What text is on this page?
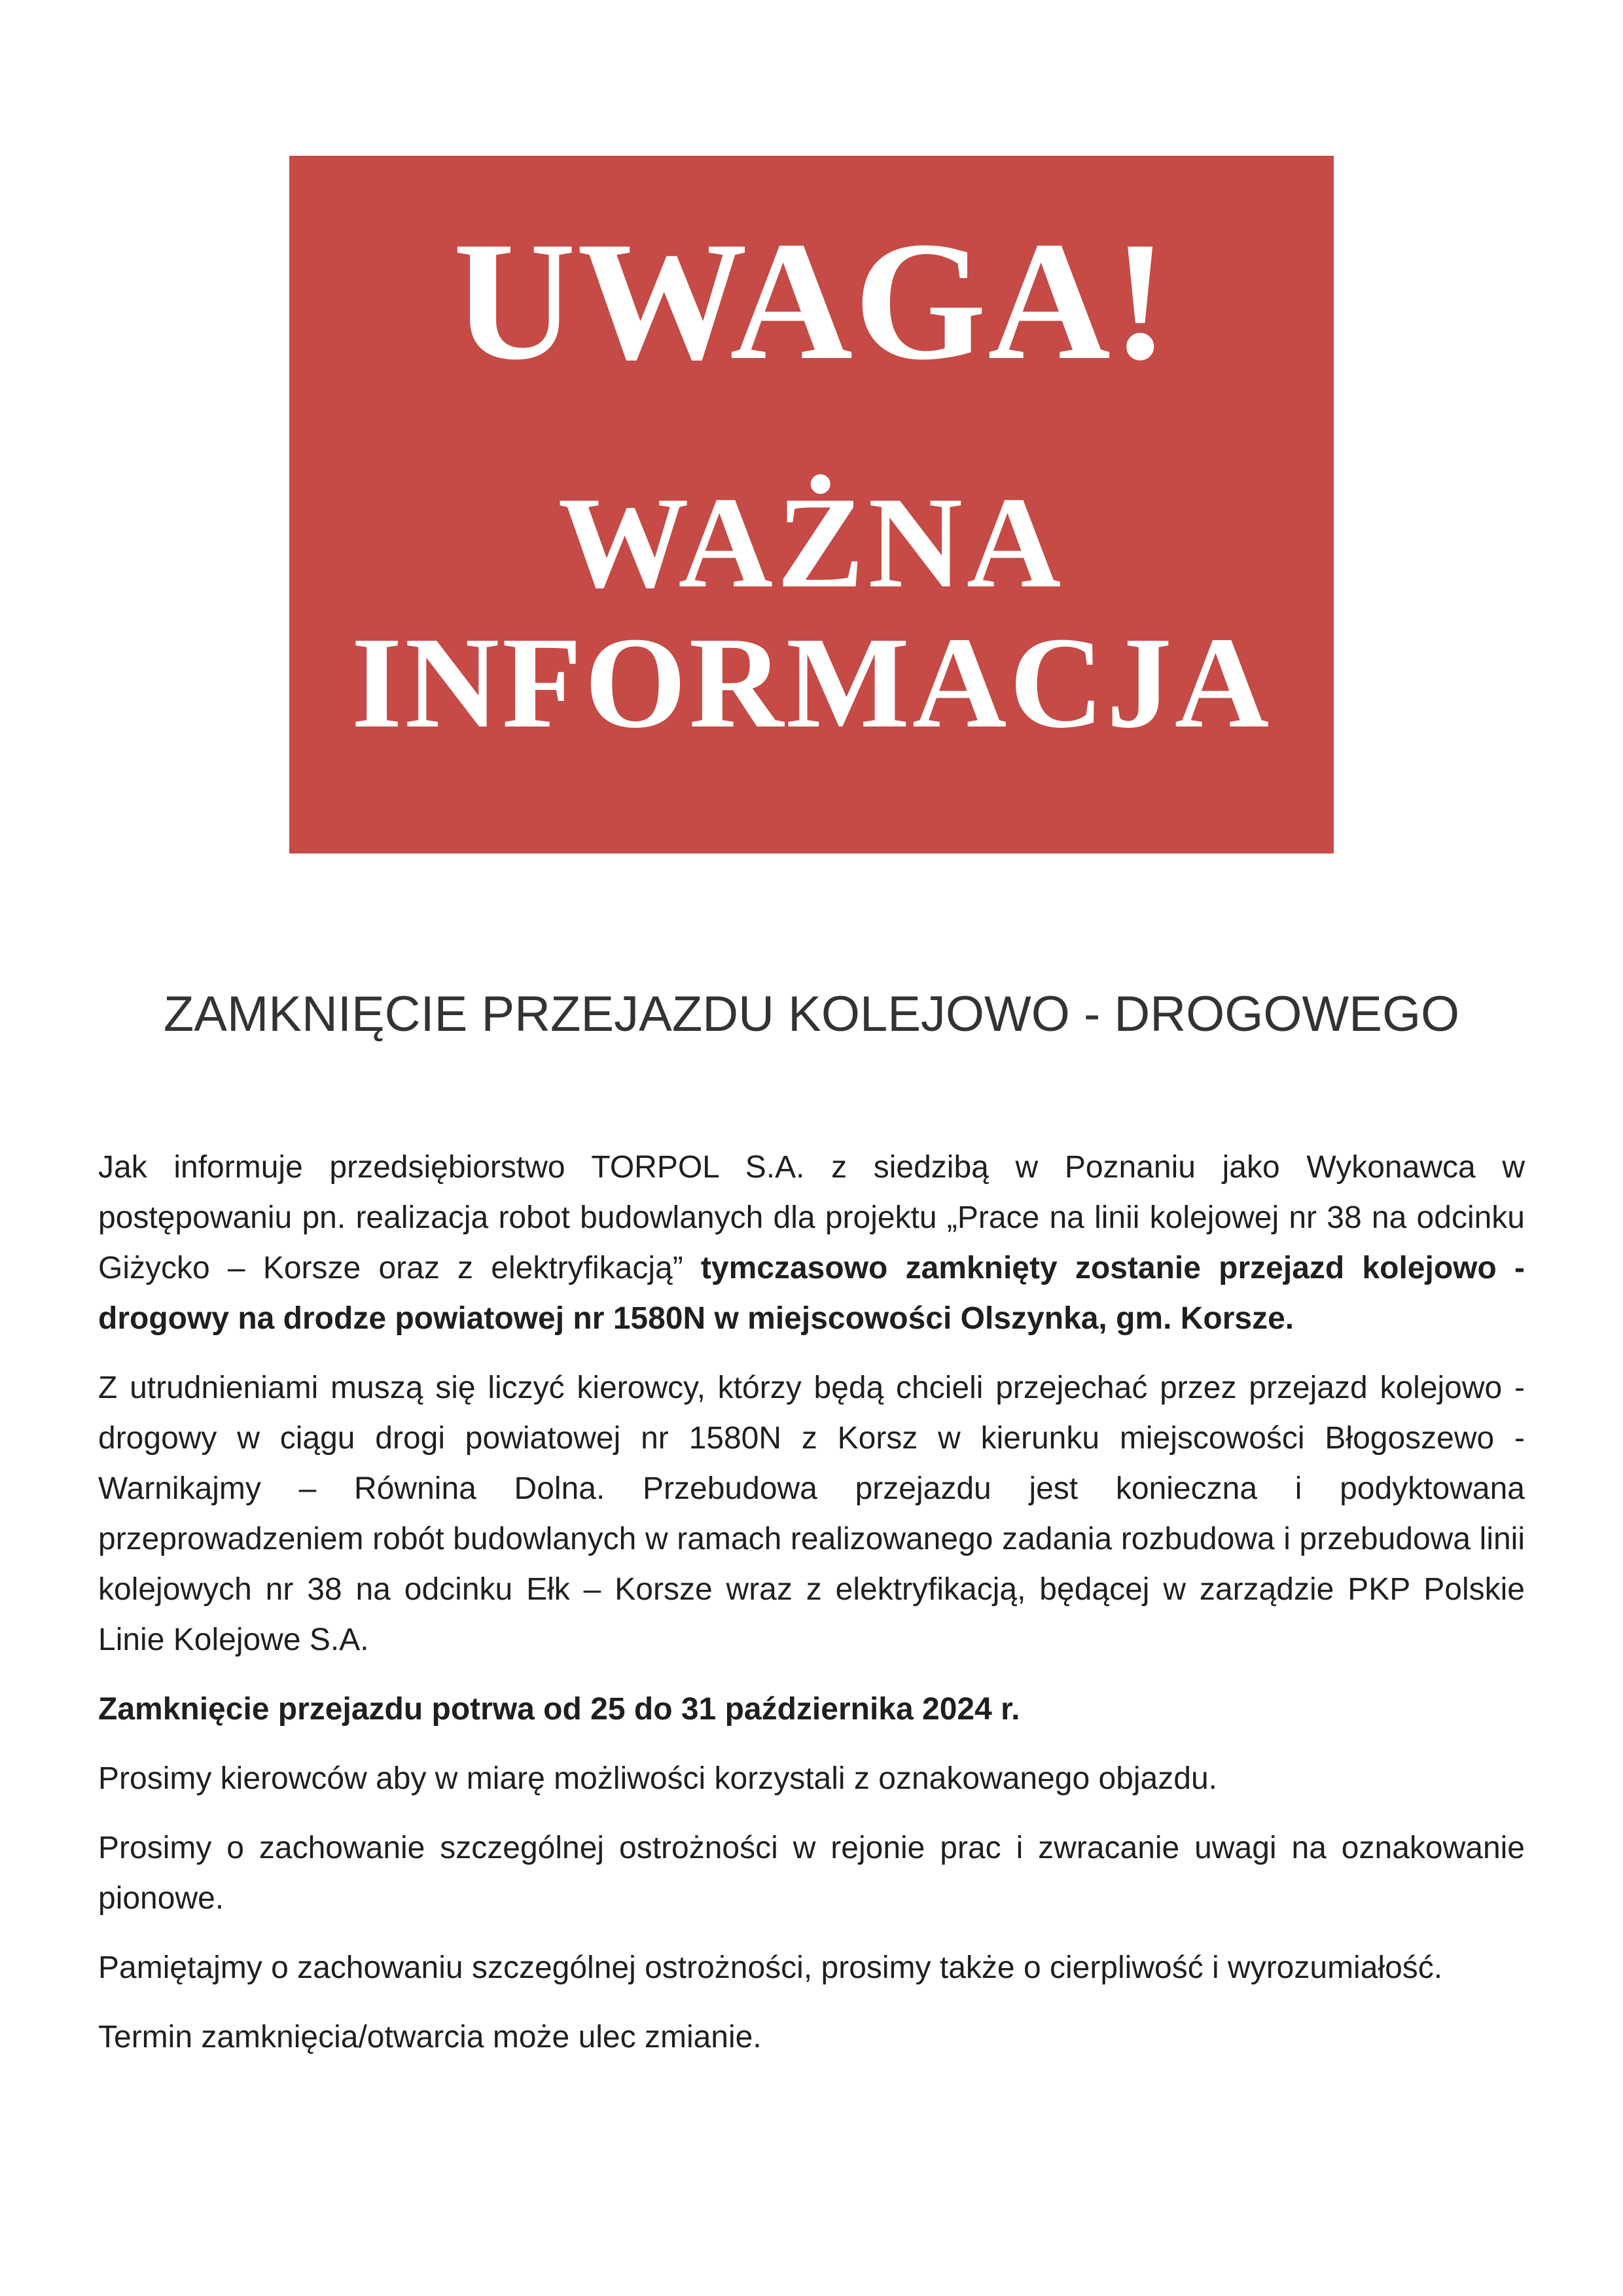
UWAGA!
WAŻNA
INFORMACJA
ZAMKNIĘCIE PRZEJAZDU KOLEJOWO - DROGOWEGO

Jak informuje przedsiębiorstwo TORPOL S.A. z siedzibą w Poznaniu jako Wykonawca w postępowaniu pn. realizacja robot budowlanych dla projektu „Prace na linii kolejowej nr 38 na odcinku Giżycko – Korsze oraz z elektryfikacją” tymczasowo zamknięty zostanie przejazd kolejowo - drogowy na drodze powiatowej nr 1580N w miejscowości Olszynka, gm. Korsze.

Z utrudnieniami muszą się liczyć kierowcy, którzy będą chcieli przejechać przez przejazd kolejowo - drogowy w ciągu drogi powiatowej nr 1580N z Korsz w kierunku miejscowości Błogoszewo - Warnikajmy – Równina Dolna. Przebudowa przejazdu jest konieczna i podyktowana przeprowadzeniem robót budowlanych w ramach realizowanego zadania rozbudowa i przebudowa linii kolejowych nr 38 na odcinku Ełk – Korsze wraz z elektryfikacją, będącej w zarządzie PKP Polskie Linie Kolejowe S.A.

Zamknięcie przejazdu potrwa od 25 do 31 października 2024 r.

Prosimy kierowców aby w miarę możliwości korzystali z oznakowanego objazdu.

Prosimy o zachowanie szczególnej ostrożności w rejonie prac i zwracanie uwagi na oznakowanie pionowe.

Pamiętajmy o zachowaniu szczególnej ostrożności, prosimy także o cierpliwość i wyrozumiałość.

Termin zamknięcia/otwarcia może ulec zmianie.
